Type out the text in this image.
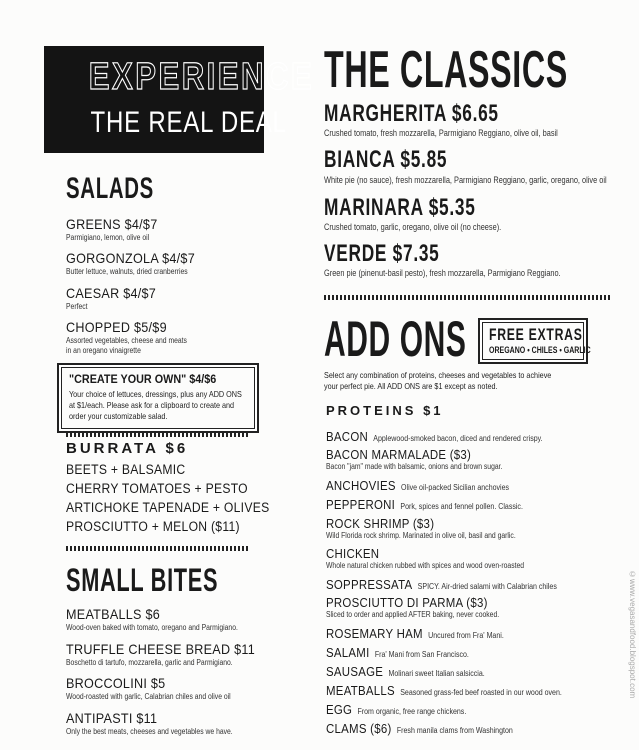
EXPERIENCE
THE REAL DEAL
SALADS
GREENS $4/$7
Parmigiano, lemon, olive oil
GORGONZOLA $4/$7
Butter lettuce, walnuts, dried cranberries
CAESAR $4/$7
Perfect
CHOPPED $5/$9
Assorted vegetables, cheese and meats
in an oregano vinaigrette
"CREATE YOUR OWN" $4/$6
Your choice of lettuces, dressings, plus any ADD ONS
at $1/each. Please ask for a clipboard to create and
order your customizable salad.
BURRATA $6
BEETS + BALSAMIC
CHERRY TOMATOES + PESTO
ARTICHOKE TAPENADE + OLIVES
PROSCIUTTO + MELON ($11)
SMALL BITES
MEATBALLS $6
Wood-oven baked with tomato, oregano and Parmigiano.
TRUFFLE CHEESE BREAD $11
Boschetto di tartufo, mozzarella, garlic and Parmigiano.
BROCCOLINI $5
Wood-roasted with garlic, Calabrian chiles and olive oil
ANTIPASTI $11
Only the best meats, cheeses and vegetables we have.
THE CLASSICS
MARGHERITA $6.65
Crushed tomato, fresh mozzarella, Parmigiano Reggiano, olive oil, basil
BIANCA $5.85
White pie (no sauce), fresh mozzarella, Parmigiano Reggiano, garlic, oregano, olive oil
MARINARA $5.35
Crushed tomato, garlic, oregano, olive oil (no cheese).
VERDE $7.35
Green pie (pinenut-basil pesto), fresh mozzarella, Parmigiano Reggiano.
ADD ONS FREE EXTRAS
OREGANO • CHILES • GARLIC
Select any combination of proteins, cheeses and vegetables to achieve
your perfect pie. All ADD ONS are $1 except as noted.
PROTEINS $1
BACON Applewood-smoked bacon, diced and rendered crispy.
BACON MARMALADE ($3)
Bacon "jam" made with balsamic, onions and brown sugar.
ANCHOVIES Olive oil-packed Sicilian anchovies
PEPPERONI Pork, spices and fennel pollen. Classic.
ROCK SHRIMP ($3)
Wild Florida rock shrimp. Marinated in olive oil, basil and garlic.
CHICKEN
Whole natural chicken rubbed with spices and wood oven-roasted
SOPPRESSATA SPICY. Air-dried salami with Calabrian chiles
PROSCIUTTO DI PARMA ($3)
Sliced to order and applied AFTER baking, never cooked.
ROSEMARY HAM Uncured from Fra' Mani.
SALAMI Fra' Mani from San Francisco.
SAUSAGE Molinari sweet Italian salsiccia.
MEATBALLS Seasoned grass-fed beef roasted in our wood oven.
EGG From organic, free range chickens.
CLAMS ($6) Fresh manila clams from Washington
©www.vegasandfood.blogspot.com
